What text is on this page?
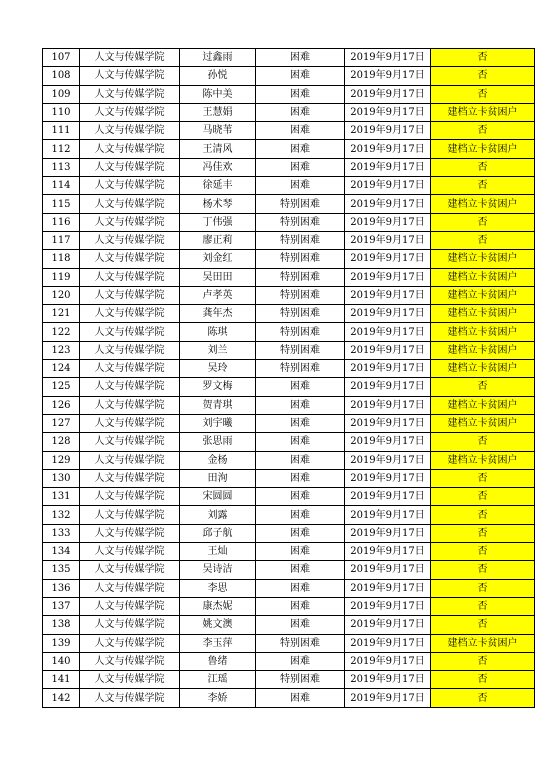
107	人文与传媒学院	过鑫雨	困难	2019年9月17日	否
108	人文与传媒学院	孙悦	困难	2019年9月17日	否
109	人文与传媒学院	陈中美	困难	2019年9月17日	否
110	人文与传媒学院	王慧娟	困难	2019年9月17日	建档立卡贫困户
111	人文与传媒学院	马晓苇	困难	2019年9月17日	否
112	人文与传媒学院	王清风	困难	2019年9月17日	建档立卡贫困户
113	人文与传媒学院	冯佳欢	困难	2019年9月17日	否
114	人文与传媒学院	徐延丰	困难	2019年9月17日	否
115	人文与传媒学院	杨术琴	特别困难	2019年9月17日	建档立卡贫困户
116	人文与传媒学院	丁伟强	特别困难	2019年9月17日	否
117	人文与传媒学院	廖正莉	特别困难	2019年9月17日	否
118	人文与传媒学院	刘金红	特别困难	2019年9月17日	建档立卡贫困户
119	人文与传媒学院	吴田田	特别困难	2019年9月17日	建档立卡贫困户
120	人文与传媒学院	卢孝英	特别困难	2019年9月17日	建档立卡贫困户
121	人文与传媒学院	龚年杰	特别困难	2019年9月17日	建档立卡贫困户
122	人文与传媒学院	陈琪	特别困难	2019年9月17日	建档立卡贫困户
123	人文与传媒学院	刘兰	特别困难	2019年9月17日	建档立卡贫困户
124	人文与传媒学院	吴玲	特别困难	2019年9月17日	建档立卡贫困户
125	人文与传媒学院	罗文梅	困难	2019年9月17日	否
126	人文与传媒学院	贺青琪	困难	2019年9月17日	建档立卡贫困户
127	人文与传媒学院	刘宇曦	困难	2019年9月17日	建档立卡贫困户
128	人文与传媒学院	张思雨	困难	2019年9月17日	否
129	人文与传媒学院	金杨	困难	2019年9月17日	建档立卡贫困户
130	人文与传媒学院	田洵	困难	2019年9月17日	否
131	人文与传媒学院	宋圆圆	困难	2019年9月17日	否
132	人文与传媒学院	刘露	困难	2019年9月17日	否
133	人文与传媒学院	邱子航	困难	2019年9月17日	否
134	人文与传媒学院	王灿	困难	2019年9月17日	否
135	人文与传媒学院	吴诗洁	困难	2019年9月17日	否
136	人文与传媒学院	李思	困难	2019年9月17日	否
137	人文与传媒学院	康杰妮	困难	2019年9月17日	否
138	人文与传媒学院	姚文澳	困难	2019年9月17日	否
139	人文与传媒学院	李玉萍	特别困难	2019年9月17日	建档立卡贫困户
140	人文与传媒学院	鲁绪	困难	2019年9月17日	否
141	人文与传媒学院	江瑶	特别困难	2019年9月17日	否
142	人文与传媒学院	李娇	困难	2019年9月17日	否
